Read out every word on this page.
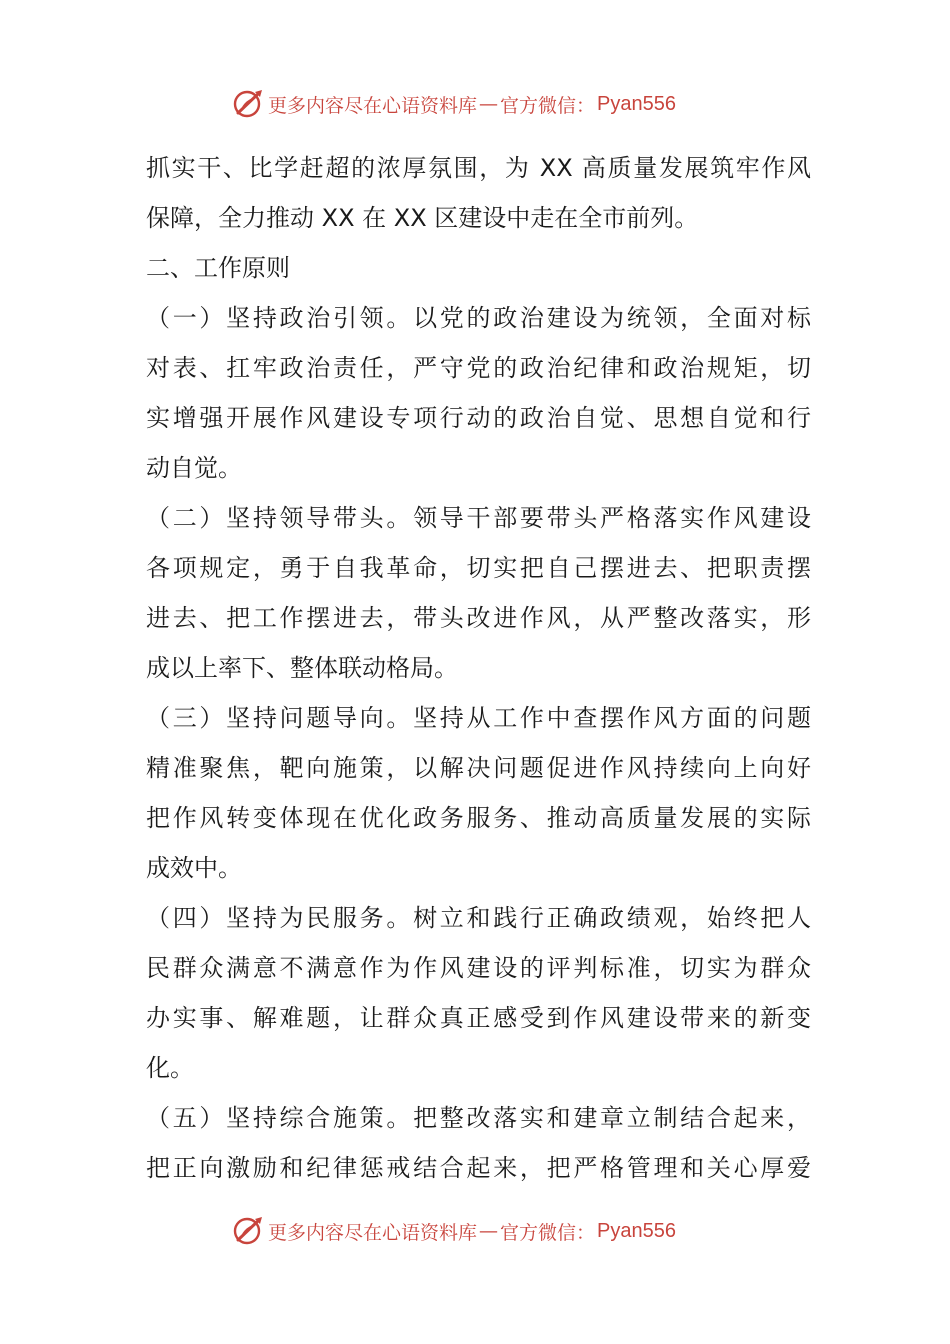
更多内容尽在心语资料库 — 官方微信： Pyan556
抓实干、比学赶超的浓厚氛围，为 XX 高质量发展筑牢作风
保障，全力推动 XX 在 XX 区建设中走在全市前列。
二、工作原则
（一）坚持政治引领。以党的政治建设为统领，全面对标
对表、扛牢政治责任，严守党的政治纪律和政治规矩，切
实增强开展作风建设专项行动的政治自觉、思想自觉和行
动自觉。
（二）坚持领导带头。领导干部要带头严格落实作风建设
各项规定，勇于自我革命，切实把自己摆进去、把职责摆
进去、把工作摆进去，带头改进作风，从严整改落实，形
成以上率下、整体联动格局。
（三）坚持问题导向。坚持从工作中查摆作风方面的问题
精准聚焦，靶向施策，以解决问题促进作风持续向上向好
把作风转变体现在优化政务服务、推动高质量发展的实际
成效中。
（四）坚持为民服务。树立和践行正确政绩观，始终把人
民群众满意不满意作为作风建设的评判标准，切实为群众
办实事、解难题，让群众真正感受到作风建设带来的新变
化。
（五）坚持综合施策。把整改落实和建章立制结合起来，
把正向激励和纪律惩戒结合起来，把严格管理和关心厚爱
更多内容尽在心语资料库 — 官方微信： Pyan556
